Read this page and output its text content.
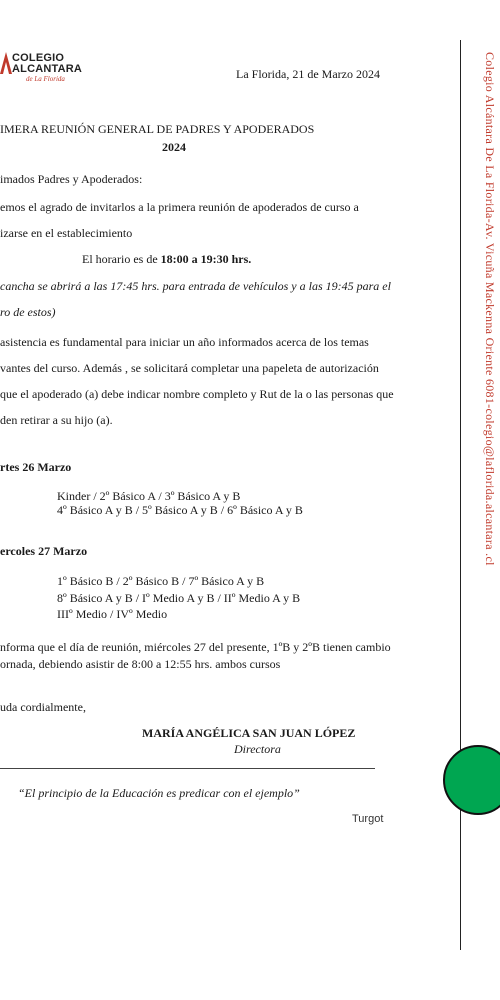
COLEGIO
ALCANTARA
de La Florida	La Florida, 21 de Marzo 2024
IMERA REUNIÓN GENERAL DE PADRES Y APODERADOS
2024
imados Padres y Apoderados:
emos el agrado de invitarlos a la primera reunión de apoderados de curso a
izarse en el establecimiento
El horario es de 18:00 a 19:30 hrs.
cancha se abrirá a las 17:45 hrs. para entrada de vehículos y a las 19:45 para el
ro de estos)
asistencia es fundamental para iniciar un año informados acerca de los temas
vantes del curso. Además , se solicitará completar una papeleta de autorización
que el apoderado (a) debe indicar nombre completo y Rut de la o las personas que
den retirar a su hijo (a).
rtes 26 Marzo
Kinder / 2º Básico A / 3º Básico A y B
4º Básico A y B / 5º Básico A y B / 6º Básico A y B
ercoles 27 Marzo
1º Básico B / 2º Básico B / 7º Básico A y B
8º Básico A y B / Iº Medio A y B / IIº Medio A y B
IIIº Medio / IVº Medio
nforma que el día de reunión, miércoles 27 del presente, 1ºB y 2ºB tienen cambio
ornada, debiendo asistir de 8:00 a 12:55 hrs. ambos cursos
uda cordialmente,
MARÍA ANGÉLICA SAN JUAN LÓPEZ
Directora
“El principio de la Educación es predicar con el ejemplo”
Turgot
Colegio Alcántara De La Florida-Av. Vicuña Mackenna Oriente 6081-colegio@laflorida.alcantara .cl
